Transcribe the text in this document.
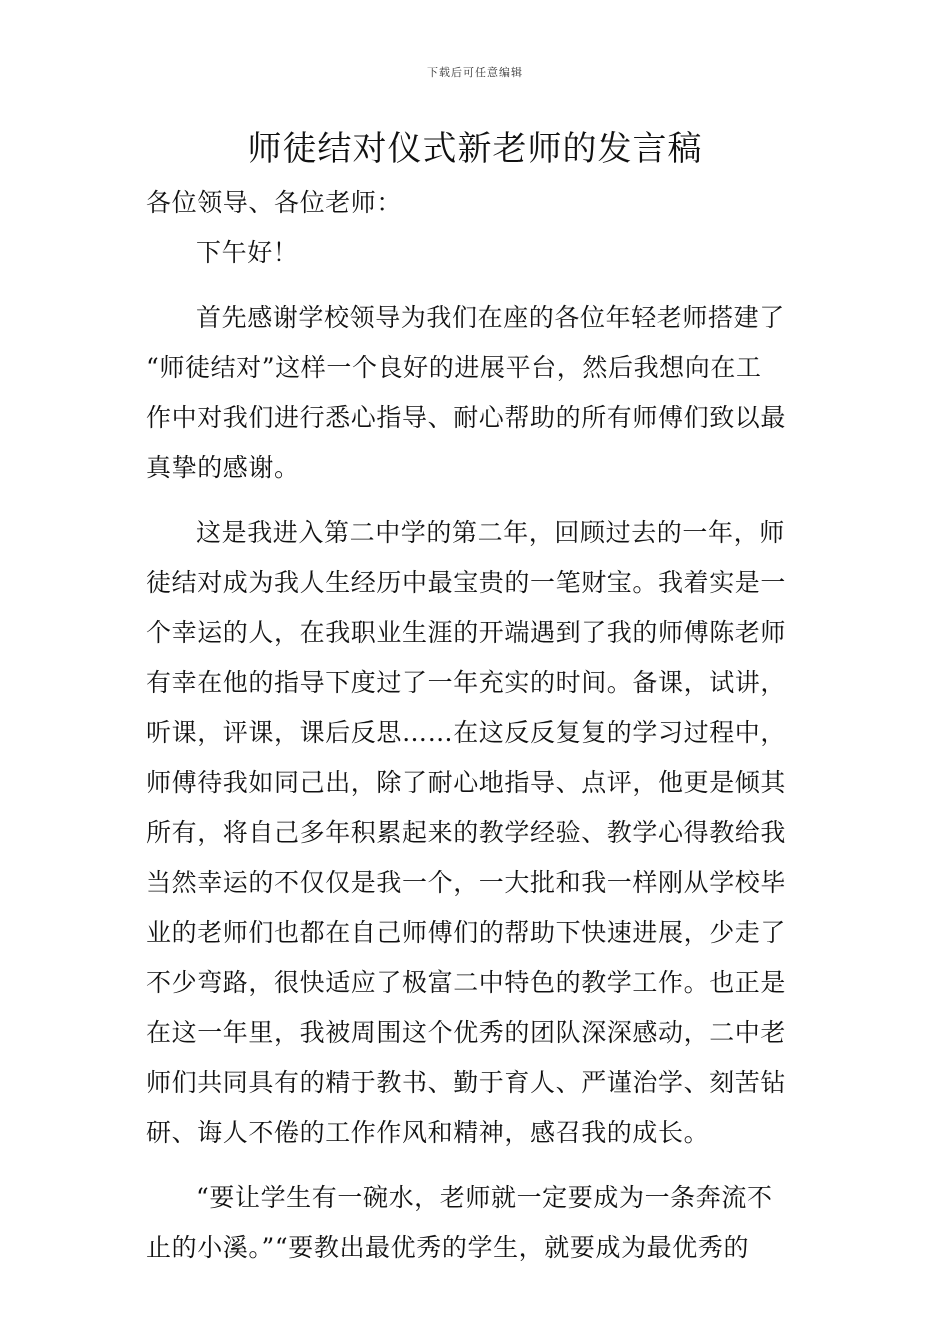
下载后可任意编辑
师徒结对仪式新老师的发言稿
各位领导、各位老师：
下午好！
首先感谢学校领导为我们在座的各位年轻老师搭建了
“师徒结对”这样一个良好的进展平台，然后我想向在工
作中对我们进行悉心指导、耐心帮助的所有师傅们致以最
真挚的感谢。
这是我进入第二中学的第二年，回顾过去的一年，师
徒结对成为我人生经历中最宝贵的一笔财宝。我着实是一
个幸运的人，在我职业生涯的开端遇到了我的师傅陈老师
有幸在他的指导下度过了一年充实的时间。备课，试讲，
听课，评课，课后反思……在这反反复复的学习过程中，
师傅待我如同己出，除了耐心地指导、点评，他更是倾其
所有，将自己多年积累起来的教学经验、教学心得教给我
当然幸运的不仅仅是我一个，一大批和我一样刚从学校毕
业的老师们也都在自己师傅们的帮助下快速进展，少走了
不少弯路，很快适应了极富二中特色的教学工作。也正是
在这一年里，我被周围这个优秀的团队深深感动，二中老
师们共同具有的精于教书、勤于育人、严谨治学、刻苦钻
研、诲人不倦的工作作风和精神，感召我的成长。
“要让学生有一碗水，老师就一定要成为一条奔流不
止的小溪。”“要教出最优秀的学生，就要成为最优秀的
